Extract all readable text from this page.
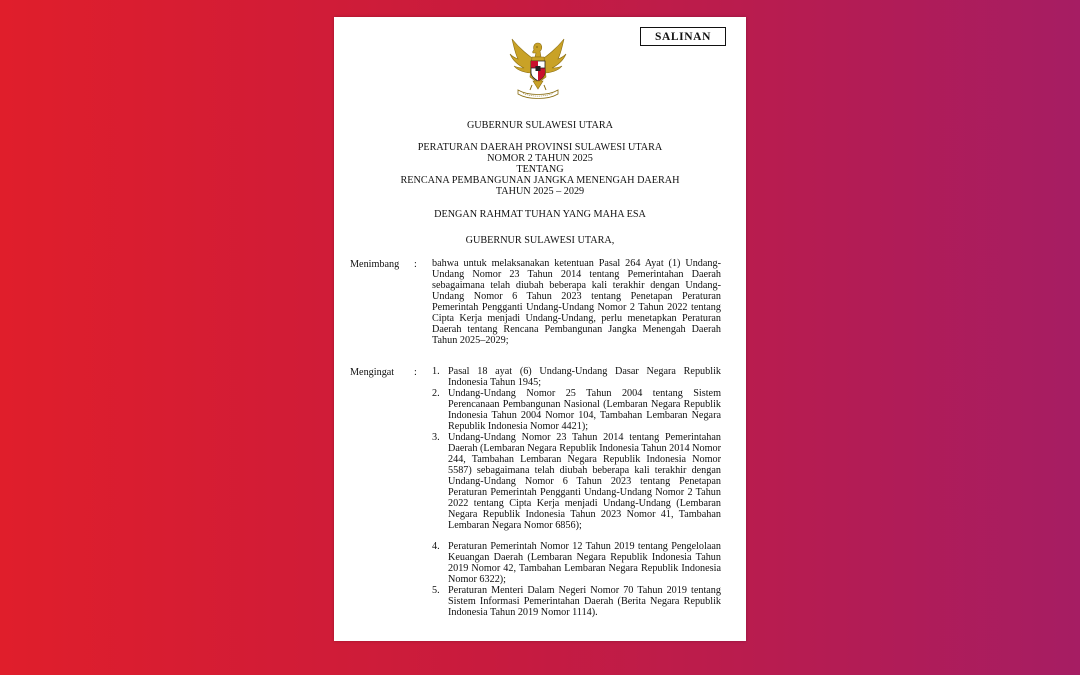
SALINAN
GUBERNUR SULAWESI UTARA
PERATURAN DAERAH PROVINSI SULAWESI UTARA
NOMOR 2 TAHUN 2025
TENTANG
RENCANA PEMBANGUNAN JANGKA MENENGAH DAERAH
TAHUN 2025 – 2029
DENGAN RAHMAT TUHAN YANG MAHA ESA
GUBERNUR SULAWESI UTARA,
Menimbang : bahwa untuk melaksanakan ketentuan Pasal 264 Ayat (1) Undang-Undang Nomor 23 Tahun 2014 tentang Pemerintahan Daerah sebagaimana telah diubah beberapa kali terakhir dengan Undang-Undang Nomor 6 Tahun 2023 tentang Penetapan Peraturan Pemerintah Pengganti Undang-Undang Nomor 2 Tahun 2022 tentang Cipta Kerja menjadi Undang-Undang, perlu menetapkan Peraturan Daerah tentang Rencana Pembangunan Jangka Menengah Daerah Tahun 2025–2029;
Mengingat : 1. Pasal 18 ayat (6) Undang-Undang Dasar Negara Republik Indonesia Tahun 1945;
2. Undang-Undang Nomor 25 Tahun 2004 tentang Sistem Perencanaan Pembangunan Nasional (Lembaran Negara Republik Indonesia Tahun 2004 Nomor 104, Tambahan Lembaran Negara Republik Indonesia Nomor 4421);
3. Undang-Undang Nomor 23 Tahun 2014 tentang Pemerintahan Daerah (Lembaran Negara Republik Indonesia Tahun 2014 Nomor 244, Tambahan Lembaran Negara Republik Indonesia Nomor 5587) sebagaimana telah diubah beberapa kali terakhir dengan Undang-Undang Nomor 6 Tahun 2023 tentang Penetapan Peraturan Pemerintah Pengganti Undang-Undang Nomor 2 Tahun 2022 tentang Cipta Kerja menjadi Undang-Undang (Lembaran Negara Republik Indonesia Tahun 2023 Nomor 41, Tambahan Lembaran Negara Nomor 6856);
4. Peraturan Pemerintah Nomor 12 Tahun 2019 tentang Pengelolaan Keuangan Daerah (Lembaran Negara Republik Indonesia Tahun 2019 Nomor 42, Tambahan Lembaran Negara Republik Indonesia Nomor 6322);
5. Peraturan Menteri Dalam Negeri Nomor 70 Tahun 2019 tentang Sistem Informasi Pemerintahan Daerah (Berita Negara Republik Indonesia Tahun 2019 Nomor 1114).
